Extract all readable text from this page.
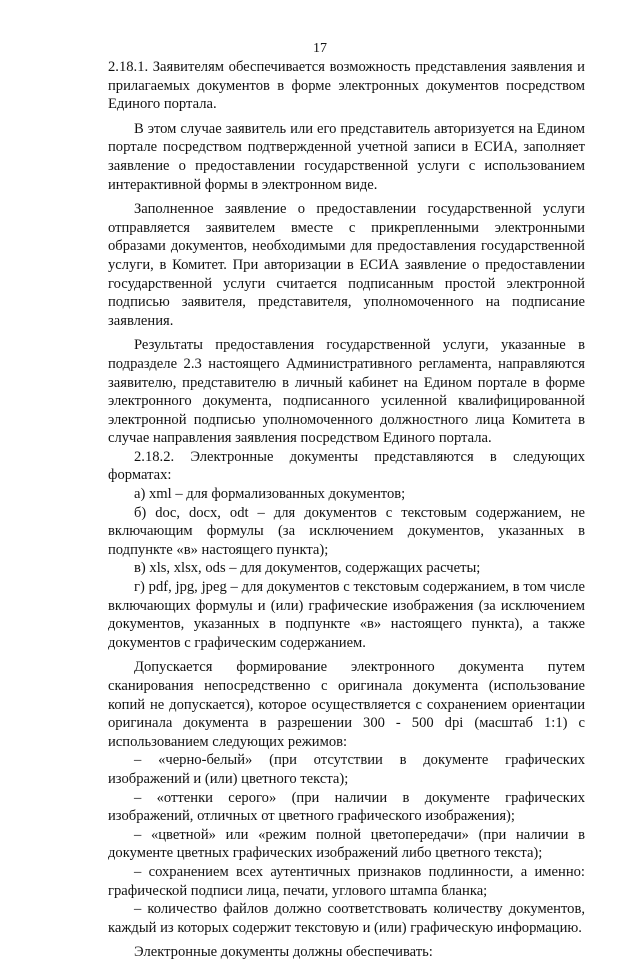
17

2.18.1. Заявителям обеспечивается возможность представления заявления и прилагаемых документов в форме электронных документов посредством Единого портала.

В этом случае заявитель или его представитель авторизуется на Едином портале посредством подтвержденной учетной записи в ЕСИА, заполняет заявление о предоставлении государственной услуги с использованием интерактивной формы в электронном виде.

Заполненное заявление о предоставлении государственной услуги отправляется заявителем вместе с прикрепленными электронными образами документов, необходимыми для предоставления государственной услуги, в Комитет. При авторизации в ЕСИА заявление о предоставлении государственной услуги считается подписанным простой электронной подписью заявителя, представителя, уполномоченного на подписание заявления.

Результаты предоставления государственной услуги, указанные в подразделе 2.3 настоящего Административного регламента, направляются заявителю, представителю в личный кабинет на Едином портале в форме электронного документа, подписанного усиленной квалифицированной электронной подписью уполномоченного должностного лица Комитета в случае направления заявления посредством Единого портала.

2.18.2. Электронные документы представляются в следующих форматах:

а) xml – для формализованных документов;

б) doc, docx, odt – для документов с текстовым содержанием, не включающим формулы (за исключением документов, указанных в подпункте «в» настоящего пункта);

в) xls, xlsx, ods – для документов, содержащих расчеты;

г) pdf, jpg, jpeg – для документов с текстовым содержанием, в том числе включающих формулы и (или) графические изображения (за исключением документов, указанных в подпункте «в» настоящего пункта), а также документов с графическим содержанием.

Допускается формирование электронного документа путем сканирования непосредственно с оригинала документа (использование копий не допускается), которое осуществляется с сохранением ориентации оригинала документа в разрешении 300 - 500 dpi (масштаб 1:1) с использованием следующих режимов:

– «черно-белый» (при отсутствии в документе графических изображений и (или) цветного текста);

– «оттенки серого» (при наличии в документе графических изображений, отличных от цветного графического изображения);

– «цветной» или «режим полной цветопередачи» (при наличии в документе цветных графических изображений либо цветного текста);

– сохранением всех аутентичных признаков подлинности, а именно: графической подписи лица, печати, углового штампа бланка;

– количество файлов должно соответствовать количеству документов, каждый из которых содержит текстовую и (или) графическую информацию.

Электронные документы должны обеспечивать:
